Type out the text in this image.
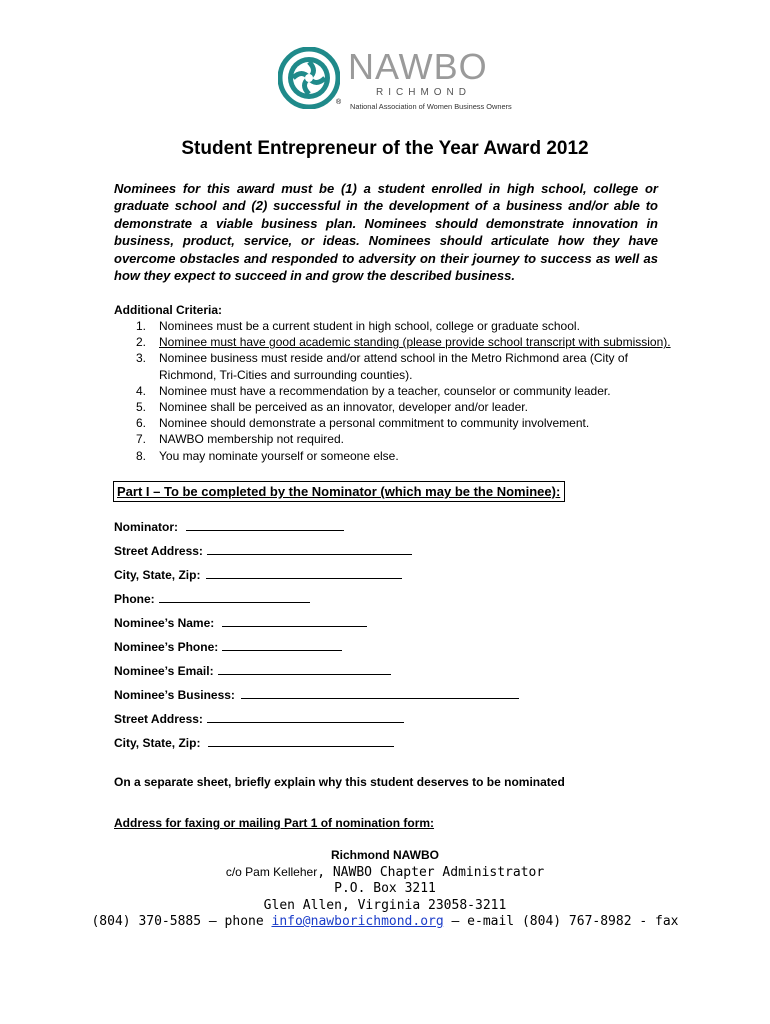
®
NAWBO
RICHMOND
National Association of Women Business Owners
Student Entrepreneur of the Year Award 2012
Nominees for this award must be (1) a student enrolled in high school, college or graduate school and (2) successful in the development of a business and/or able to demonstrate a viable business plan. Nominees should demonstrate innovation in business, product, service, or ideas. Nominees should articulate how they have overcome obstacles and responded to adversity on their journey to success as well as how they expect to succeed in and grow the described business.
Additional Criteria:
1. Nominees must be a current student in high school, college or graduate school.
2. Nominee must have good academic standing (please provide school transcript with submission).
3. Nominee business must reside and/or attend school in the Metro Richmond area (City of Richmond, Tri-Cities and surrounding counties).
4. Nominee must have a recommendation by a teacher, counselor or community leader.
5. Nominee shall be perceived as an innovator, developer and/or leader.
6. Nominee should demonstrate a personal commitment to community involvement.
7. NAWBO membership not required.
8. You may nominate yourself or someone else.
Part I – To be completed by the Nominator (which may be the Nominee):
Nominator:
Street Address:
City, State, Zip:
Phone:
Nominee’s Name:
Nominee’s Phone:
Nominee’s Email:
Nominee’s Business:
Street Address:
City, State, Zip:
On a separate sheet, briefly explain why this student deserves to be nominated
Address for faxing or mailing Part 1 of nomination form:
Richmond NAWBO
c/o Pam Kelleher, NAWBO Chapter Administrator
P.O. Box 3211
Glen Allen, Virginia 23058-3211
(804) 370-5885 – phone info@nawborichmond.org – e-mail (804) 767-8982 - fax
